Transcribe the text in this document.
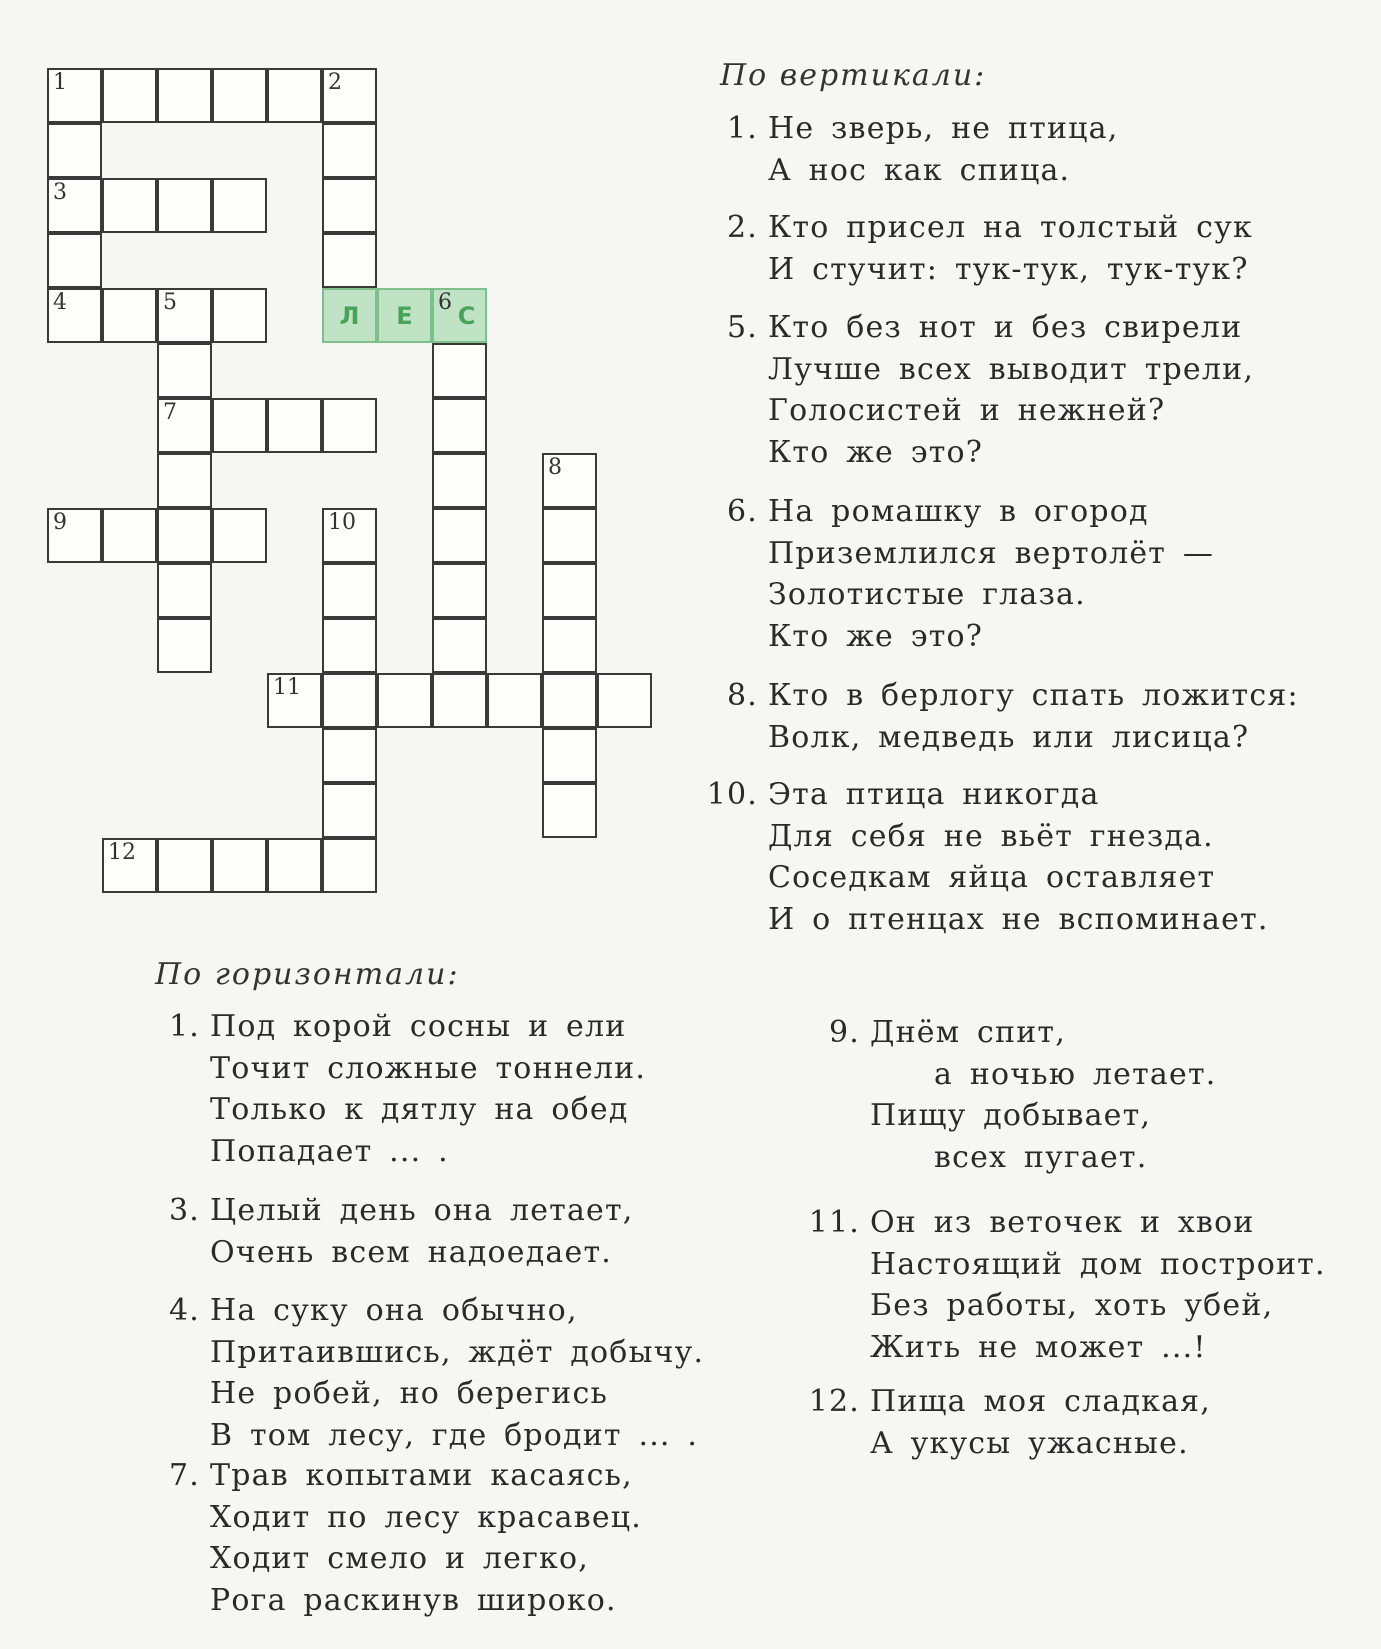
1	2
3
4	5	Л	Е	6 С
7
8
9	10
11
12
По вертикали:
1. Не зверь, не птица,
А нос как спица.
2. Кто присел на толстый сук
И стучит: тук-тук, тук-тук?
5. Кто без нот и без свирели
Лучше всех выводит трели,
Голосистей и нежней?
Кто же это?
6. На ромашку в огород
Приземлился вертолёт —
Золотистые глаза.
Кто же это?
8. Кто в берлогу спать ложится:
Волк, медведь или лисица?
10. Эта птица никогда
Для себя не вьёт гнезда.
Соседкам яйца оставляет
И о птенцах не вспоминает.
По горизонтали:
1. Под корой сосны и ели
Точит сложные тоннели.
Только к дятлу на обед
Попадает ... .
3. Целый день она летает,
Очень всем надоедает.
4. На суку она обычно,
Притаившись, ждёт добычу.
Не робей, но берегись
В том лесу, где бродит ... .
7. Трав копытами касаясь,
Ходит по лесу красавец.
Ходит смело и легко,
Рога раскинув широко.
9. Днём спит,
а ночью летает.
Пищу добывает,
всех пугает.
11. Он из веточек и хвои
Настоящий дом построит.
Без работы, хоть убей,
Жить не может ...!
12. Пища моя сладкая,
А укусы ужасные.
